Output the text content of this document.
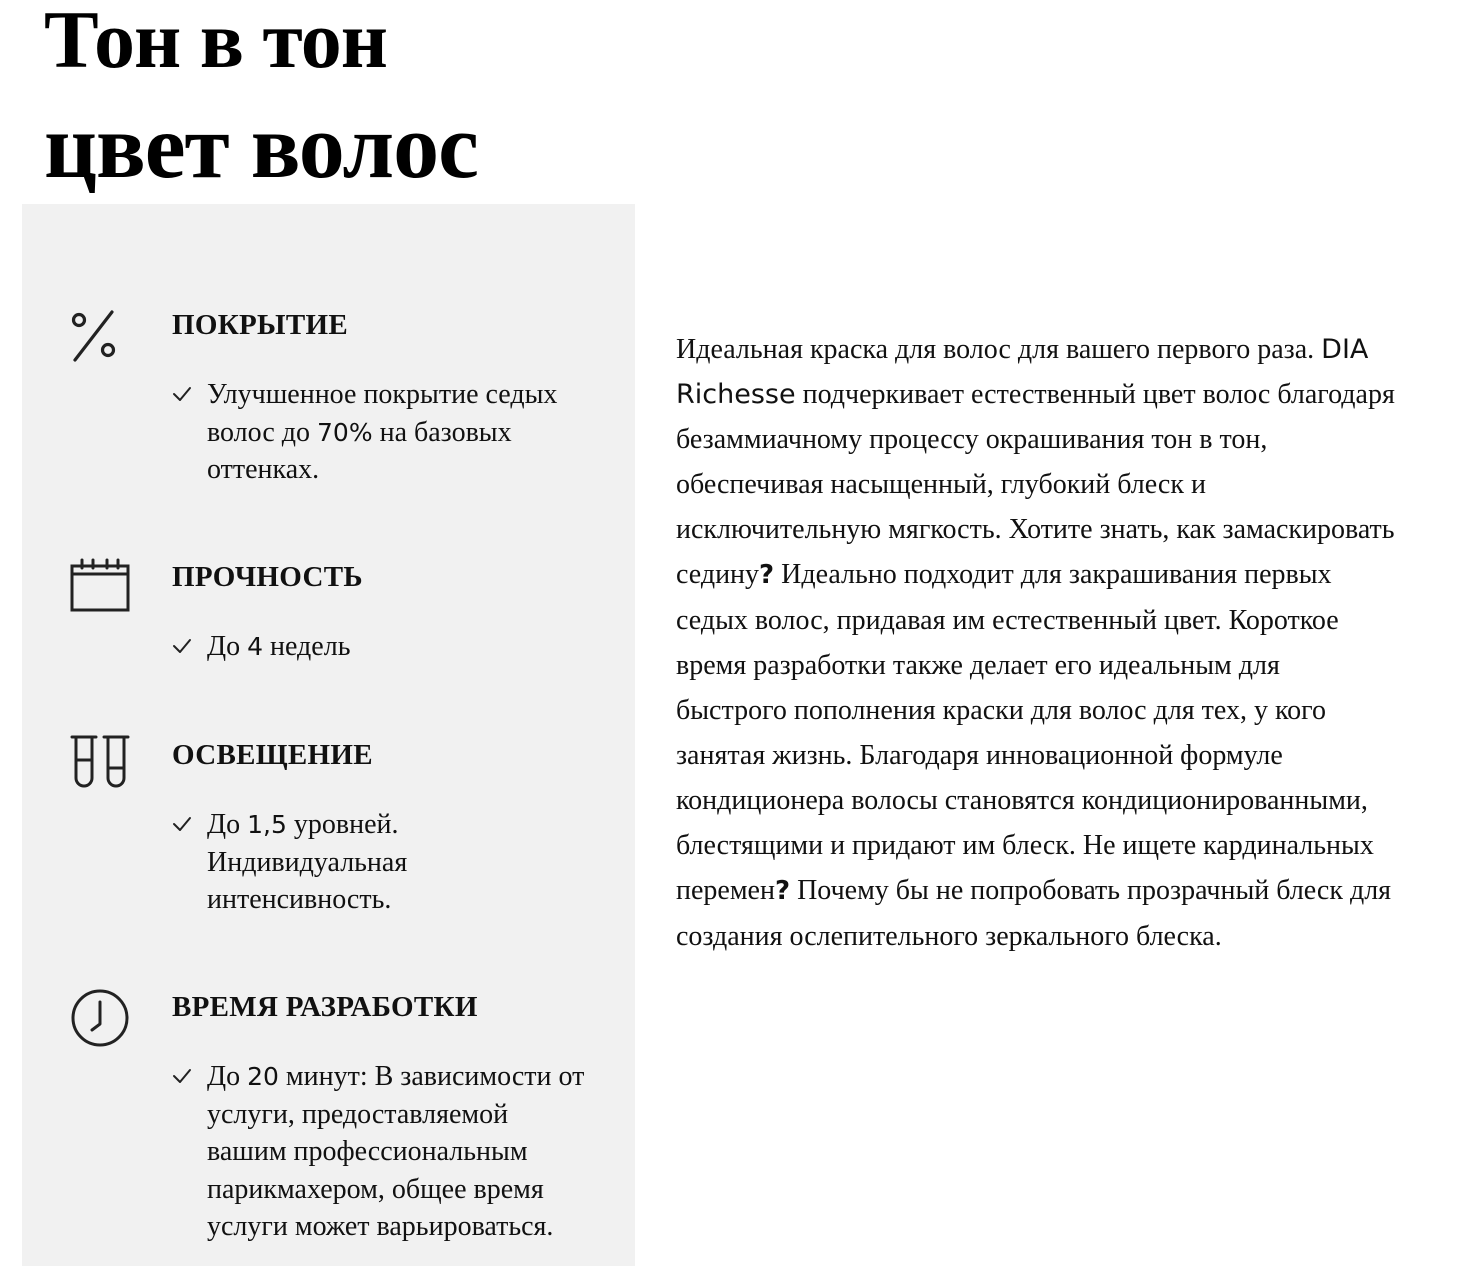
Тон в тон
цвет волос
ПОКРЫТИЕ
Улучшенное покрытие седых волос до 70% на базовых оттенках.
ПРОЧНОСТЬ
До 4 недель
ОСВЕЩЕНИЕ
До 1,5 уровней. Индивидуальная интенсивность.
ВРЕМЯ РАЗРАБОТКИ
До 20 минут: В зависимости от услуги, предоставляемой вашим профессиональным парикмахером, общее время услуги может варьироваться.

Идеальная краска для волос для вашего первого раза. DIA Richesse подчеркивает естественный цвет волос благодаря безаммиачному процессу окрашивания тон в тон, обеспечивая насыщенный, глубокий блеск и исключительную мягкость. Хотите знать, как замаскировать седину? Идеально подходит для закрашивания первых седых волос, придавая им естественный цвет. Короткое время разработки также делает его идеальным для быстрого пополнения краски для волос для тех, у кого занятая жизнь. Благодаря инновационной формуле кондиционера волосы становятся кондиционированными, блестящими и придают им блеск. Не ищете кардинальных перемен? Почему бы не попробовать прозрачный блеск для создания ослепительного зеркального блеска.
